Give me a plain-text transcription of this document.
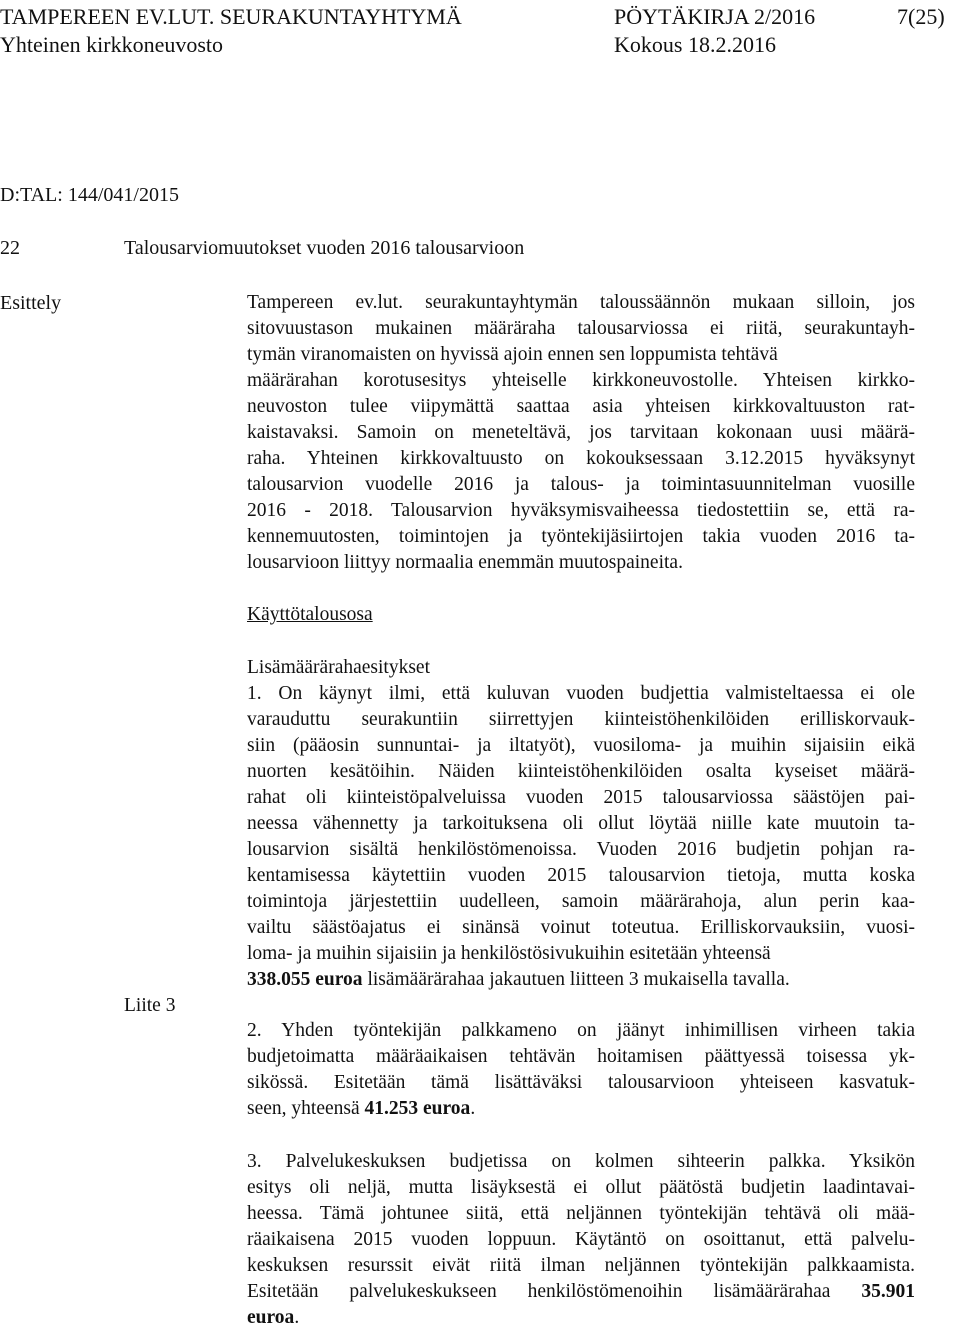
TAMPEREEN EV.LUT. SEURAKUNTAYHTYMÄ	PÖYTÄKIRJA 2/2016	7(25)
Yhteinen kirkkoneuvosto	Kokous 18.2.2016
D:TAL: 144/041/2015
22	Talousarviomuutokset vuoden 2016 talousarvioon
Esittely	Tampereen ev.lut. seurakuntayhtymän taloussäännön mukaan silloin, jos
sitovuustason mukainen määräraha talousarviossa ei riitä, seurakuntayh-
tymän viranomaisten on hyvissä ajoin ennen sen loppumista tehtävä
määrärahan korotusesitys yhteiselle kirkkoneuvostolle. Yhteisen kirkko-
neuvoston tulee viipymättä saattaa asia yhteisen kirkkovaltuuston rat-
kaistavaksi. Samoin on meneteltävä, jos tarvitaan kokonaan uusi määrä-
raha. Yhteinen kirkkovaltuusto on kokouksessaan 3.12.2015 hyväksynyt
talousarvion vuodelle 2016 ja talous- ja toimintasuunnitelman vuosille
2016 - 2018. Talousarvion hyväksymisvaiheessa tiedostettiin se, että ra-
kennemuutosten, toimintojen ja työntekijäsiirtojen takia vuoden 2016 ta-
lousarvioon liittyy normaalia enemmän muutospaineita.
Käyttötalousosa
Lisämäärärahaesitykset
1. On käynyt ilmi, että kuluvan vuoden budjettia valmisteltaessa ei ole
varauduttu seurakuntiin siirrettyjen kiinteistöhenkilöiden erilliskorvauk-
siin (pääosin sunnuntai- ja iltatyöt), vuosiloma- ja muihin sijaisiin eikä
nuorten kesätöihin. Näiden kiinteistöhenkilöiden osalta kyseiset määrä-
rahat oli kiinteistöpalveluissa vuoden 2015 talousarviossa säästöjen pai-
neessa vähennetty ja tarkoituksena oli ollut löytää niille kate muutoin ta-
lousarvion sisältä henkilöstömenoissa. Vuoden 2016 budjetin pohjan ra-
kentamisessa käytettiin vuoden 2015 talousarvion tietoja, mutta koska
toimintoja järjestettiin uudelleen, samoin määrärahoja, alun perin kaa-
vailtu säästöajatus ei sinänsä voinut toteutua. Erilliskorvauksiin, vuosi-
loma- ja muihin sijaisiin ja henkilöstösivukuihin esitetään yhteensä
338.055 euroa lisämäärärahaa jakautuen liitteen 3 mukaisella tavalla.
Liite 3
2. Yhden työntekijän palkkameno on jäänyt inhimillisen virheen takia
budjetoimatta määräaikaisen tehtävän hoitamisen päättyessä toisessa yk-
sikössä. Esitetään tämä lisättäväksi talousarvioon yhteiseen kasvatuk-
seen, yhteensä 41.253 euroa.
3. Palvelukeskuksen budjetissa on kolmen sihteerin palkka. Yksikön
esitys oli neljä, mutta lisäyksestä ei ollut päätöstä budjetin laadintavai-
heessa. Tämä johtunee siitä, että neljännen työntekijän tehtävä oli mää-
räaikaisena 2015 vuoden loppuun. Käytäntö on osoittanut, että palvelu-
keskuksen resurssit eivät riitä ilman neljännen työntekijän palkkaamista.
Esitetään palvelukeskukseen henkilöstömenoihin lisämäärärahaa 35.901
euroa.
